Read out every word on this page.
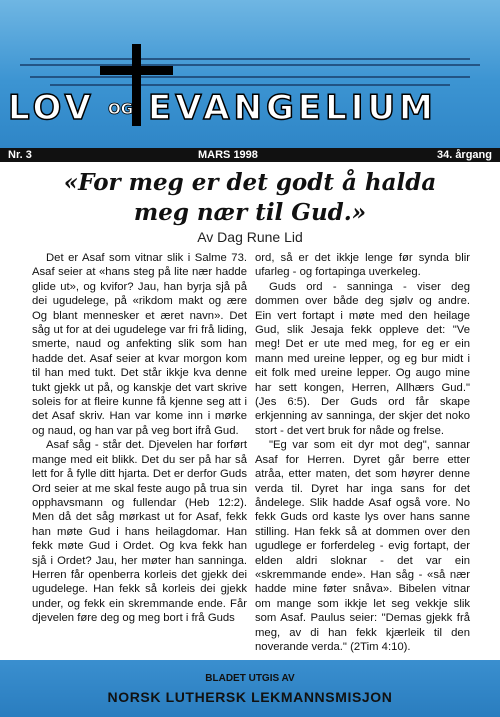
LOV OG EVANGELIUM
Nr. 3	MARS 1998	34. årgang
«For meg er det godt å halda
meg nær til Gud.»
Av Dag Rune Lid

Det er Asaf som vitnar slik i Salme 73. Asaf seier at «hans steg på lite nær hadde glide ut», og kvifor? Jau, han byrja sjå på dei ugudelege, på «rikdom makt og ære Og blant mennesker et æret navn». Det såg ut for at dei ugudelege var fri frå liding, smerte, naud og anfekting slik som han hadde det. Asaf seier at kvar morgon kom til han med tukt. Det står ikkje kva denne tukt gjekk ut på, og kanskje det vart skrive soleis for at fleire kunne få kjenne seg att i det Asaf skriv. Han var kome inn i mørke og naud, og han var på veg bort ifrå Gud.

Asaf såg - står det. Djevelen har forført mange med eit blikk. Det du ser på har så lett for å fylle ditt hjarta. Det er derfor Guds Ord seier at me skal feste augo på trua sin opphavsmann og fullendar (Heb 12:2). Men då det såg mørkast ut for Asaf, fekk han møte Gud i hans heilagdomar. Han fekk møte Gud i Ordet. Og kva fekk han sjå i Ordet? Jau, her møter han sanninga. Herren får openberra korleis det gjekk dei ugudelege. Han fekk så korleis dei gjekk under, og fekk ein skremmande ende. Får djevelen føre deg og meg bort i frå Guds

ord, så er det ikkje lenge før synda blir ufarleg - og fortapinga uverkeleg.

Guds ord - sanninga - viser deg dommen over både deg sjølv og andre. Ein vert fortapt i møte med den heilage Gud, slik Jesaja fekk oppleve det: "Ve meg! Det er ute med meg, for eg er ein mann med ureine lepper, og eg bur midt i eit folk med ureine lepper. Og augo mine har sett kongen, Herren, Allhærs Gud." (Jes 6:5). Der Guds ord får skape erkjenning av sanninga, der skjer det noko stort - det vert bruk for nåde og frelse.

"Eg var som eit dyr mot deg", sannar Asaf for Herren. Dyret går berre etter atråa, etter maten, det som høyrer denne verda til. Dyret har inga sans for det åndelege. Slik hadde Asaf også vore. No fekk Guds ord kaste lys over hans sanne stilling. Han fekk så at dommen over den ugudlege er forferdeleg - evig fortapt, der elden aldri sloknar - det var ein «skremmande ende». Han såg - «så nær hadde mine føter snåva». Bibelen vitnar om mange som ikkje let seg vekkje slik som Asaf. Paulus seier: "Demas gjekk frå meg, av di han fekk kjærleik til den noverande verda." (2Tim 4:10).

BLADET UTGIS AV
NORSK LUTHERSK LEKMANNSMISJON
